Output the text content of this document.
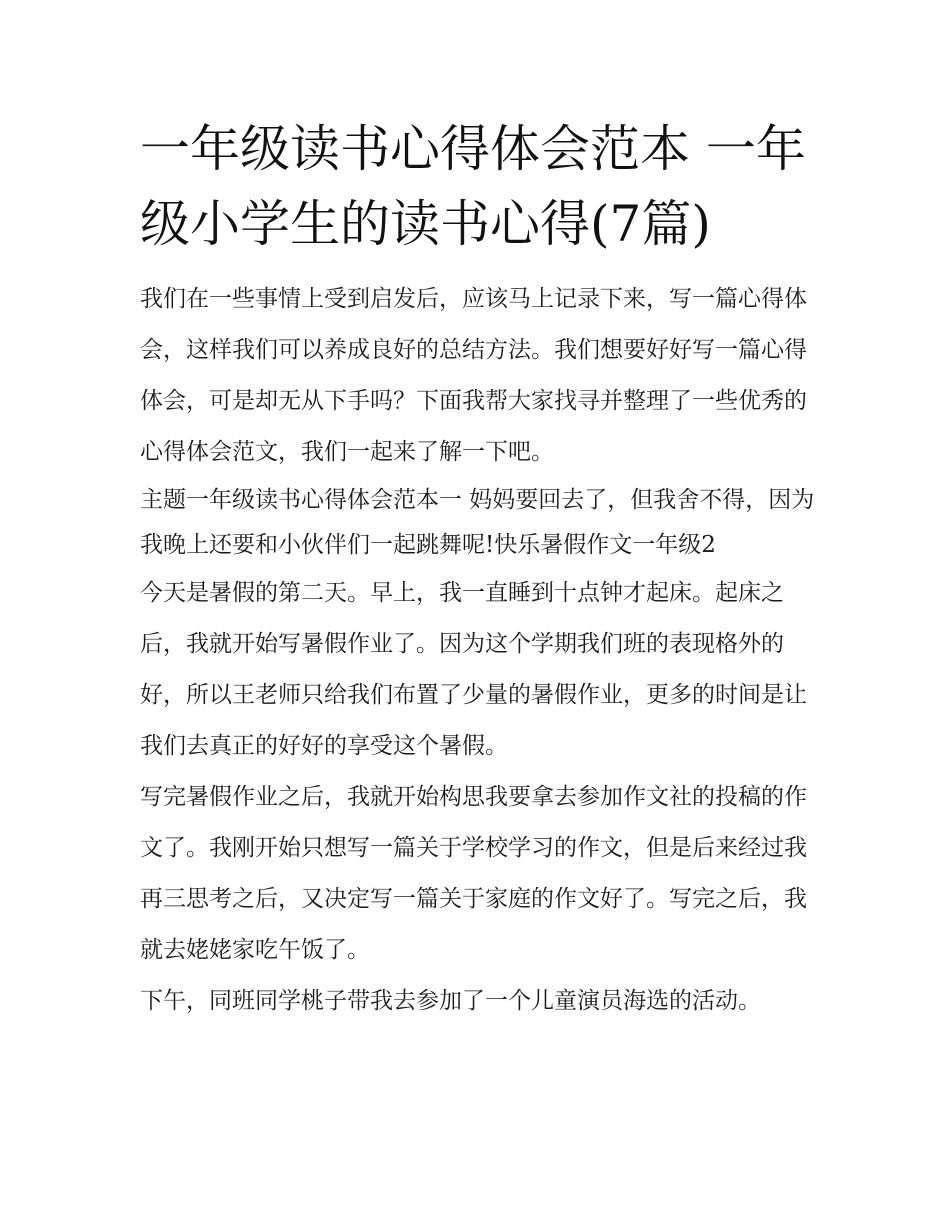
一年级读书心得体会范本 一年级小学生的读书心得(7篇)

我们在一些事情上受到启发后，应该马上记录下来，写一篇心得体会，这样我们可以养成良好的总结方法。我们想要好好写一篇心得体会，可是却无从下手吗？下面我帮大家找寻并整理了一些优秀的心得体会范文，我们一起来了解一下吧。

主题一年级读书心得体会范本一 妈妈要回去了，但我舍不得，因为我晚上还要和小伙伴们一起跳舞呢!快乐暑假作文一年级2

今天是暑假的第二天。早上，我一直睡到十点钟才起床。起床之后，我就开始写暑假作业了。因为这个学期我们班的表现格外的好，所以王老师只给我们布置了少量的暑假作业，更多的时间是让我们去真正的好好的享受这个暑假。

写完暑假作业之后，我就开始构思我要拿去参加作文社的投稿的作文了。我刚开始只想写一篇关于学校学习的作文，但是后来经过我再三思考之后，又决定写一篇关于家庭的作文好了。写完之后，我就去姥姥家吃午饭了。

下午，同班同学桃子带我去参加了一个儿童演员海选的活动。
